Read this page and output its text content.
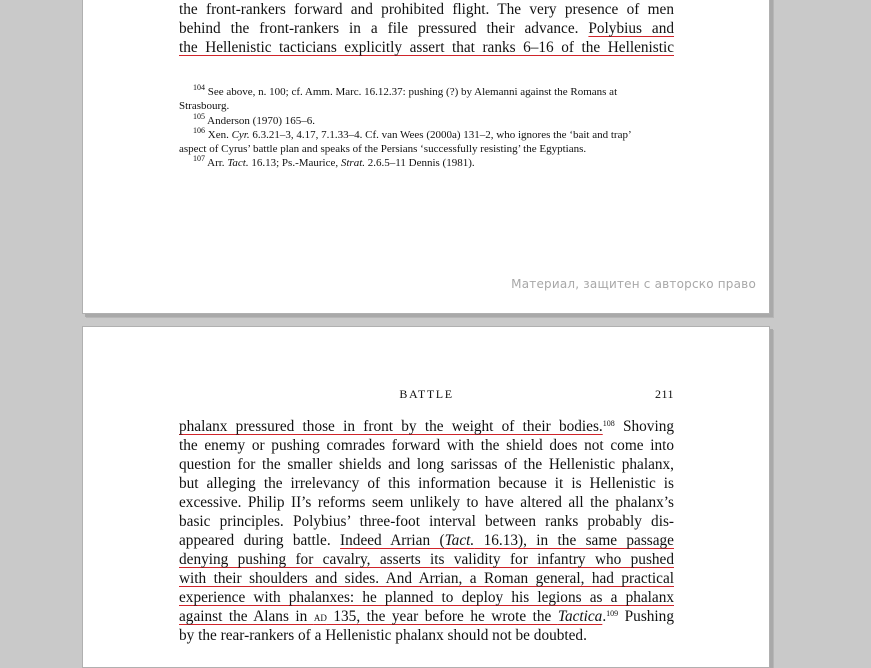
the front-rankers forward and prohibited flight. The very presence of men
behind the front-rankers in a file pressured their advance. Polybius and
the Hellenistic tacticians explicitly assert that ranks 6–16 of the Hellenistic
$^{104}$ See above, n. 100; cf. Amm. Marc. 16.12.37: pushing (?) by Alemanni against the Romans at
Strasbourg.
$^{105}$ Anderson (1970) 165–6.
$^{106}$ Xen. Cyr. 6.3.21–3, 4.17, 7.1.33–4. Cf. van Wees (2000a) 131–2, who ignores the ‘bait and trap’
aspect of Cyrus’ battle plan and speaks of the Persians ‘successfully resisting’ the Egyptians.
$^{107}$ Arr. Tact. 16.13; Ps.-Maurice, Strat. 2.6.5–11 Dennis (1981).
Материал, защитен с авторско право
BATTLE	211
phalanx pressured those in front by the weight of their bodies.$^{108}$ Shoving
the enemy or pushing comrades forward with the shield does not come into
question for the smaller shields and long sarissas of the Hellenistic phalanx,
but alleging the irrelevancy of this information because it is Hellenistic is
excessive. Philip II’s reforms seem unlikely to have altered all the phalanx’s
basic principles. Polybius’ three-foot interval between ranks probably dis-
appeared during battle. Indeed Arrian (Tact. 16.13), in the same passage
denying pushing for cavalry, asserts its validity for infantry who pushed
with their shoulders and sides. And Arrian, a Roman general, had practical
experience with phalanxes: he planned to deploy his legions as a phalanx
against the Alans in ad 135, the year before he wrote the Tactica.$^{109}$ Pushing
by the rear-rankers of a Hellenistic phalanx should not be doubted.
